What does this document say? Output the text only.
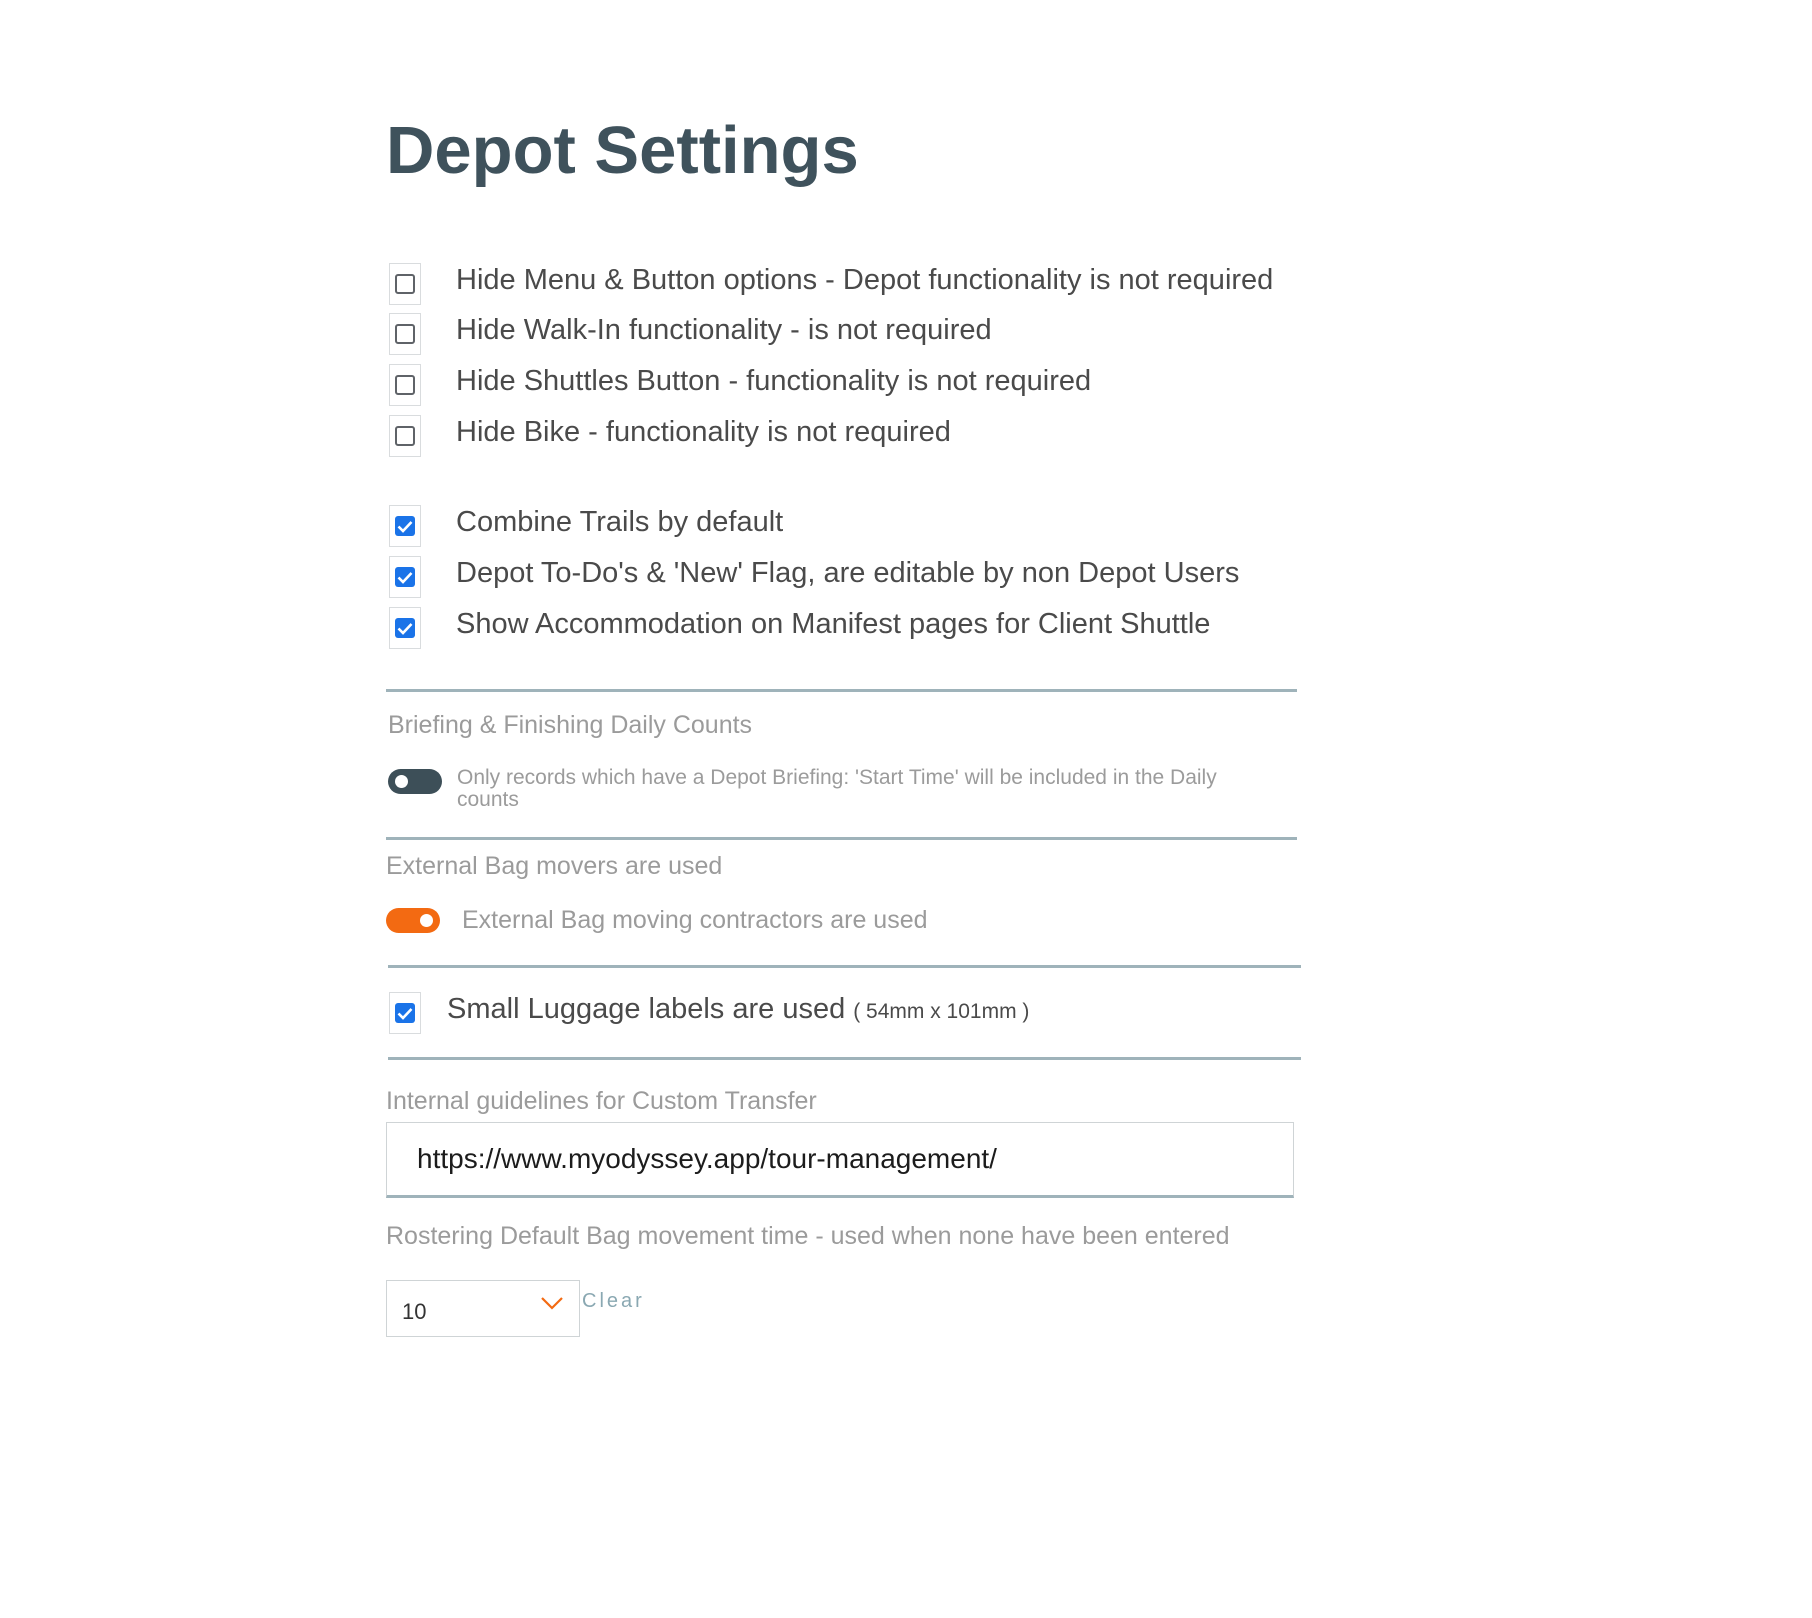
Depot Settings
Hide Menu & Button options - Depot functionality is not required
Hide Walk-In functionality - is not required
Hide Shuttles Button - functionality is not required
Hide Bike - functionality is not required
Combine Trails by default
Depot To-Do's & 'New' Flag, are editable by non Depot Users
Show Accommodation on Manifest pages for Client Shuttle
Briefing & Finishing Daily Counts
Only records which have a Depot Briefing: 'Start Time' will be included in the Daily counts
External Bag movers are used
External Bag moving contractors are used
Small Luggage labels are used ( 54mm x 101mm )
Internal guidelines for Custom Transfer
https://www.myodyssey.app/tour-management/
Rostering Default Bag movement time - used when none have been entered
10	Clear
